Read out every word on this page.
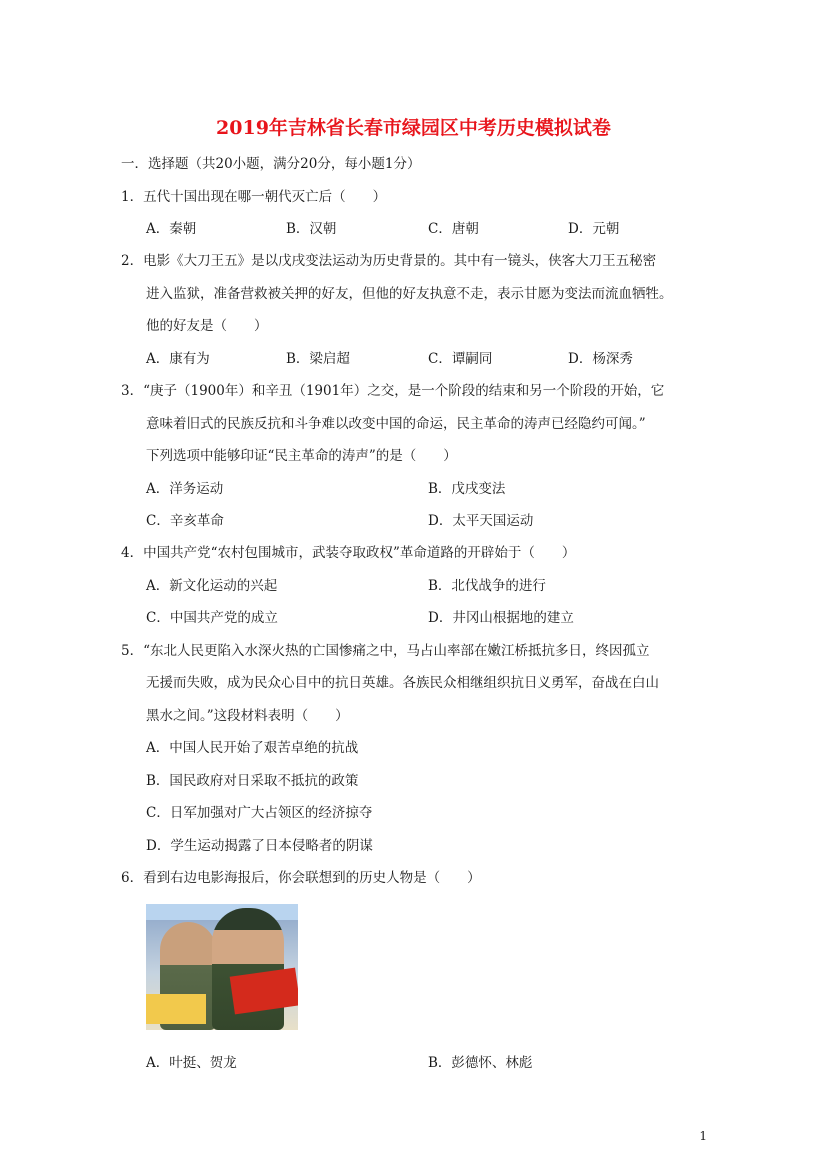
2019年吉林省长春市绿园区中考历史模拟试卷
一．选择题（共20小题，满分20分，每小题1分）
1．五代十国出现在哪一朝代灭亡后（　　）
A．秦朝	B．汉朝	C．唐朝	D．元朝
2．电影《大刀王五》是以戊戌变法运动为历史背景的。其中有一镜头，侠客大刀王五秘密
进入监狱，准备营救被关押的好友，但他的好友执意不走，表示甘愿为变法而流血牺牲。
他的好友是（　　）
A．康有为	B．梁启超	C．谭嗣同	D．杨深秀
3．“庚子（1900年）和辛丑（1901年）之交，是一个阶段的结束和另一个阶段的开始，它
意味着旧式的民族反抗和斗争难以改变中国的命运，民主革命的涛声已经隐约可闻。”
下列选项中能够印证“民主革命的涛声”的是（　　）
A．洋务运动	B．戊戌变法
C．辛亥革命	D．太平天国运动
4．中国共产党“农村包围城市，武装夺取政权”革命道路的开辟始于（　　）
A．新文化运动的兴起	B．北伐战争的进行
C．中国共产党的成立	D．井冈山根据地的建立
5．“东北人民更陷入水深火热的亡国惨痛之中，马占山率部在嫩江桥抵抗多日，终因孤立
无援而失败，成为民众心目中的抗日英雄。各族民众相继组织抗日义勇军，奋战在白山
黑水之间。”这段材料表明（　　）
A．中国人民开始了艰苦卓绝的抗战
B．国民政府对日采取不抵抗的政策
C．日军加强对广大占领区的经济掠夺
D．学生运动揭露了日本侵略者的阴谋
6．看到右边电影海报后，你会联想到的历史人物是（　　）
A．叶挺、贺龙	B．彭德怀、林彪
1
